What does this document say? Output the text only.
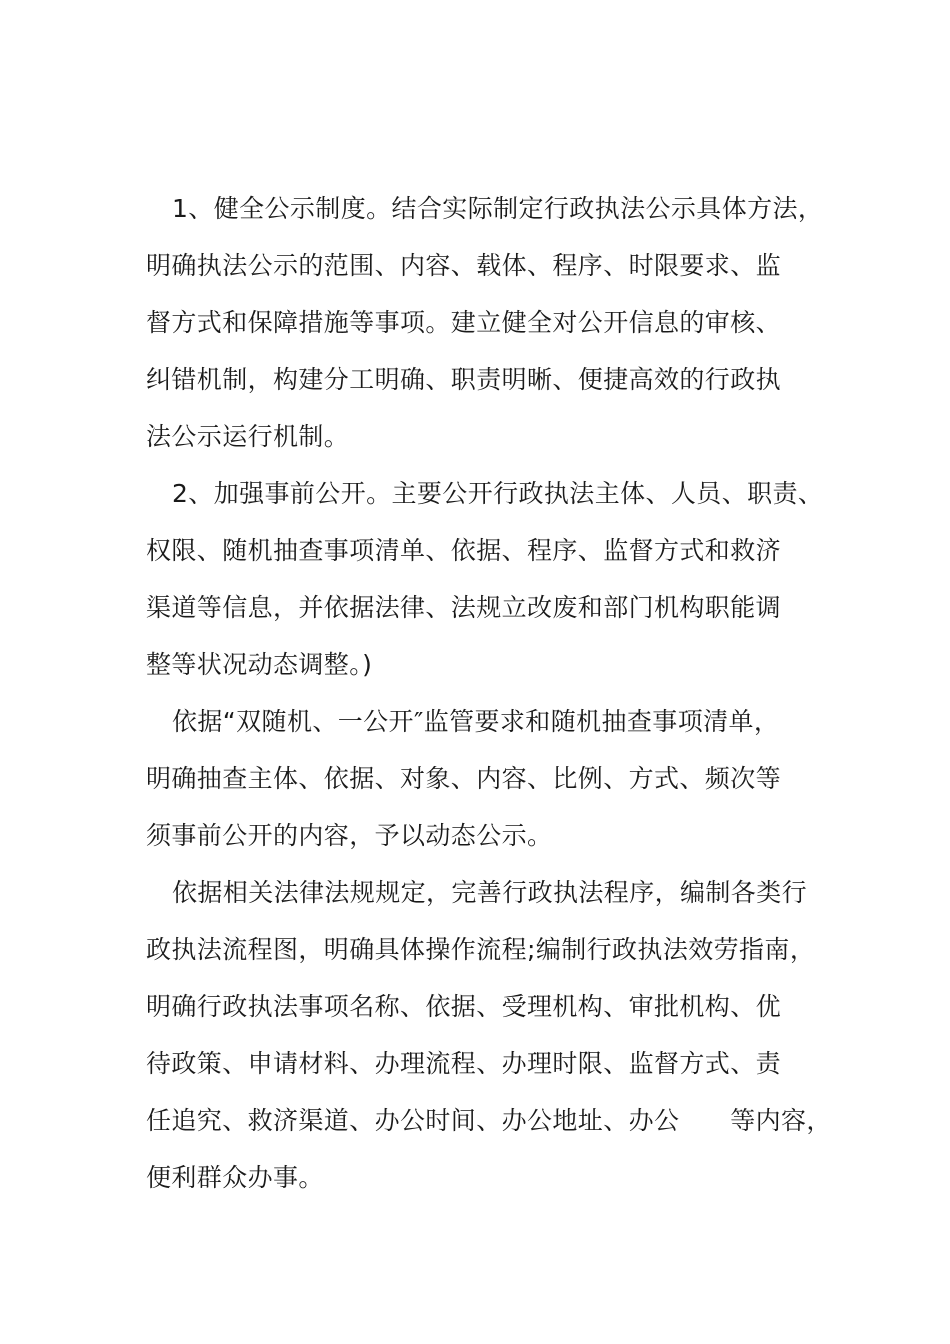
1、健全公示制度。结合实际制定行政执法公示具体方法，
明确执法公示的范围、内容、载体、程序、时限要求、监
督方式和保障措施等事项。建立健全对公开信息的审核、
纠错机制，构建分工明确、职责明晰、便捷高效的行政执
法公示运行机制。
2、加强事前公开。主要公开行政执法主体、人员、职责、
权限、随机抽查事项清单、依据、程序、监督方式和救济
渠道等信息，并依据法律、法规立改废和部门机构职能调
整等状况动态调整。)
依据“双随机、一公开″监管要求和随机抽查事项清单，
明确抽查主体、依据、对象、内容、比例、方式、频次等
须事前公开的内容，予以动态公示。
依据相关法律法规规定，完善行政执法程序，编制各类行
政执法流程图，明确具体操作流程;编制行政执法效劳指南，
明确行政执法事项名称、依据、受理机构、审批机构、优
待政策、申请材料、办理流程、办理时限、监督方式、责
任追究、救济渠道、办公时间、办公地址、办公　　等内容，
便利群众办事。
